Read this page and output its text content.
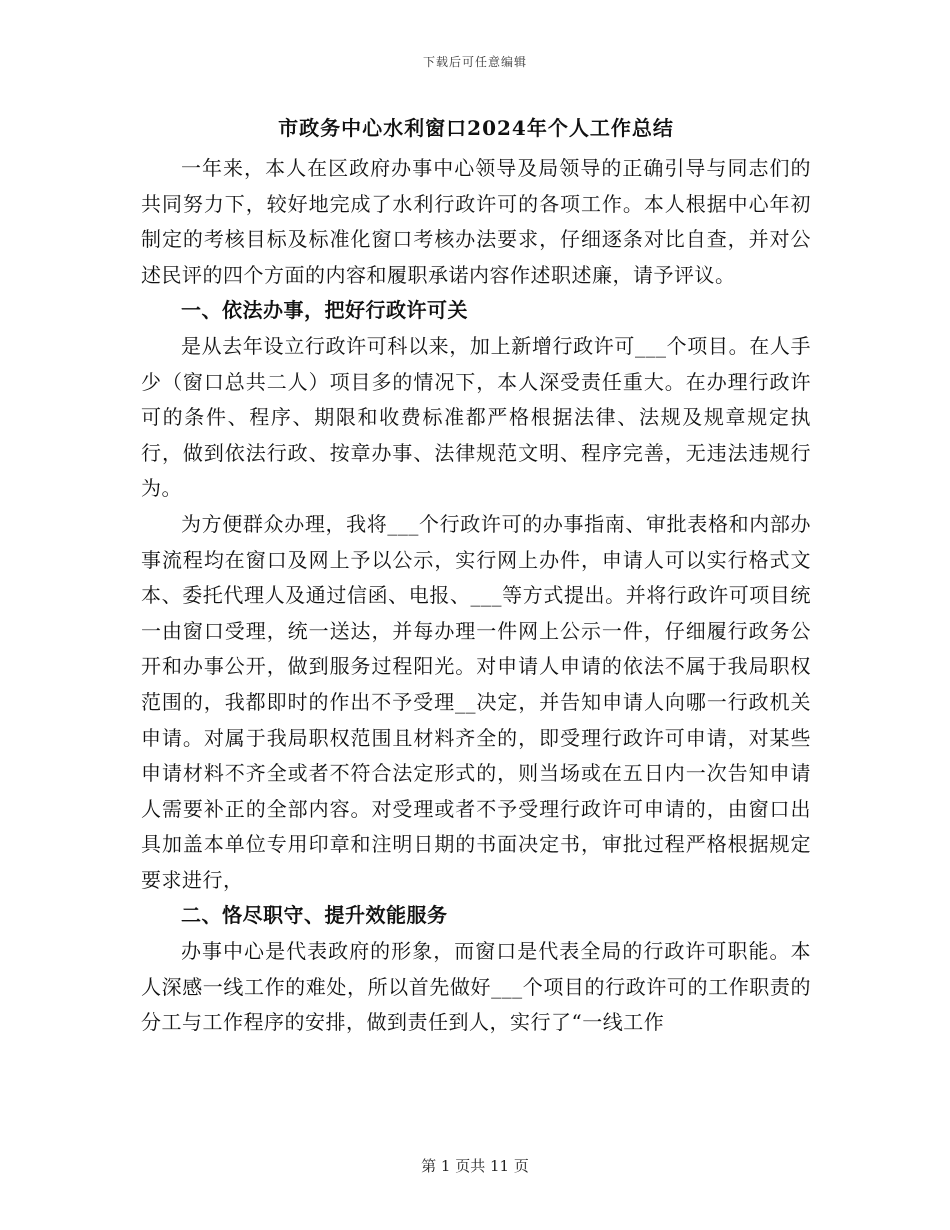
下载后可任意编辑
市政务中心水利窗口2024年个人工作总结

一年来，本人在区政府办事中心领导及局领导的正确引导与同志们的共同努力下，较好地完成了水利行政许可的各项工作。本人根据中心年初制定的考核目标及标准化窗口考核办法要求，仔细逐条对比自查，并对公述民评的四个方面的内容和履职承诺内容作述职述廉，请予评议。

一、依法办事，把好行政许可关

是从去年设立行政许可科以来，加上新增行政许可___个项目。在人手少（窗口总共二人）项目多的情况下，本人深受责任重大。在办理行政许可的条件、程序、期限和收费标准都严格根据法律、法规及规章规定执行，做到依法行政、按章办事、法律规范文明、程序完善，无违法违规行为。

为方便群众办理，我将___个行政许可的办事指南、审批表格和内部办事流程均在窗口及网上予以公示，实行网上办件，申请人可以实行格式文本、委托代理人及通过信函、电报、___等方式提出。并将行政许可项目统一由窗口受理，统一送达，并每办理一件网上公示一件，仔细履行政务公开和办事公开，做到服务过程阳光。对申请人申请的依法不属于我局职权范围的，我都即时的作出不予受理__决定，并告知申请人向哪一行政机关申请。对属于我局职权范围且材料齐全的，即受理行政许可申请，对某些申请材料不齐全或者不符合法定形式的，则当场或在五日内一次告知申请人需要补正的全部内容。对受理或者不予受理行政许可申请的，由窗口出具加盖本单位专用印章和注明日期的书面决定书，审批过程严格根据规定要求进行，

二、恪尽职守、提升效能服务

办事中心是代表政府的形象，而窗口是代表全局的行政许可职能。本人深感一线工作的难处，所以首先做好___个项目的行政许可的工作职责的分工与工作程序的安排，做到责任到人，实行了“一线工作

第 1 页共 11 页
